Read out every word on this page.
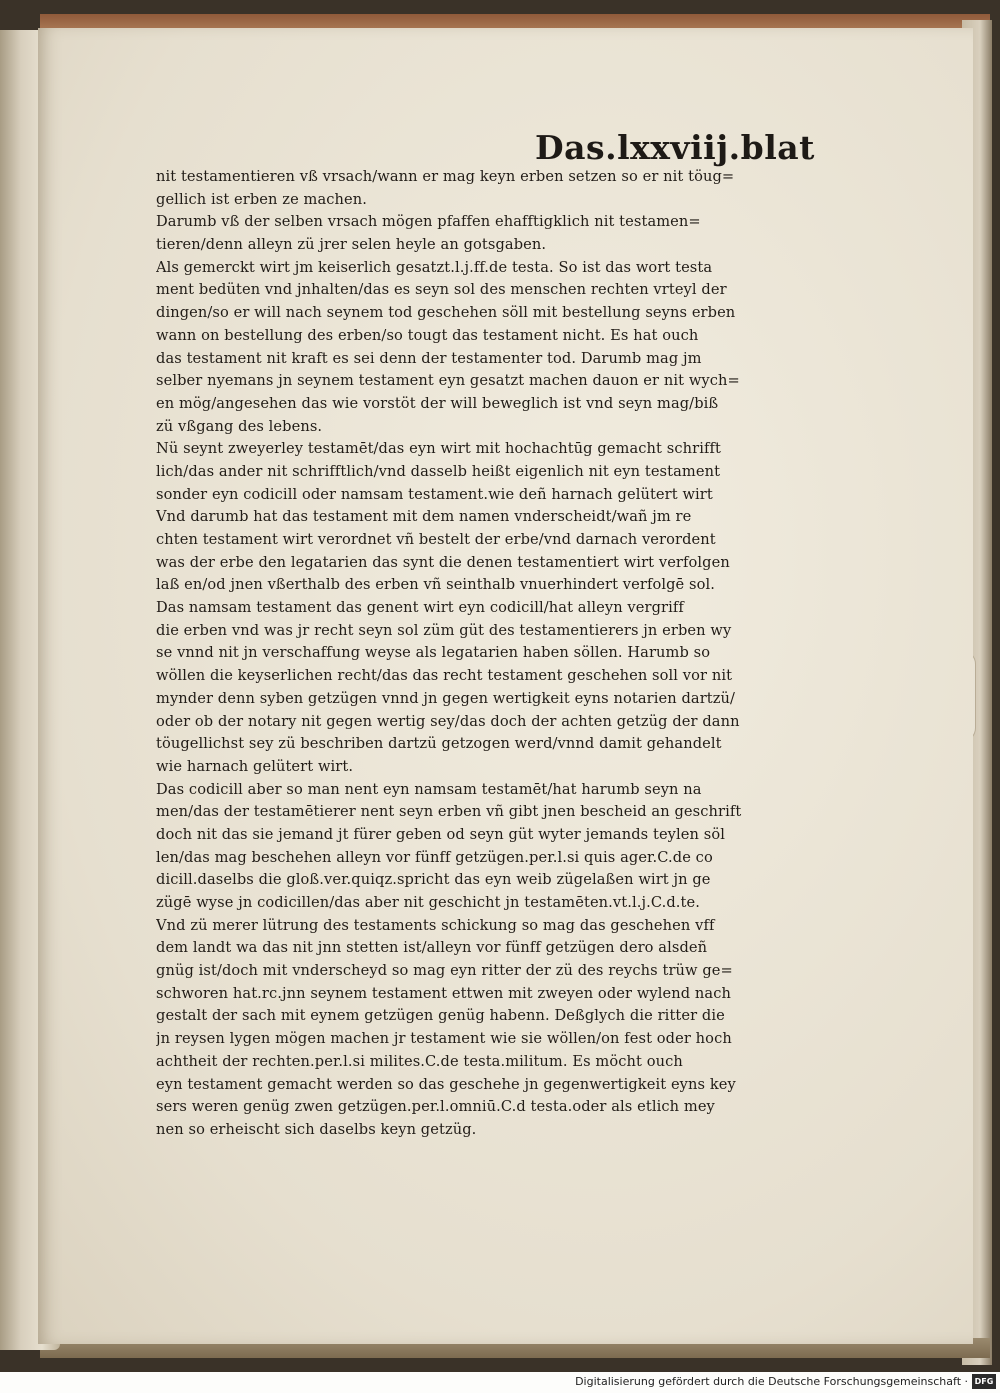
Das.lxxviij.blat
nit testamentieren vß vrsach/wann er mag keyn erben setzen so er nit töug=
gellich ist erben ze machen.
Darumb vß der selben vrsach mögen pfaffen ehafftigklich nit testamen=
tieren/denn alleyn zü jrer selen heyle an gotsgaben.
Als gemerckt wirt jm keiserlich gesatzt.l.j.ff.de testa. So ist das wort testa
ment bedüten vnd jnhalten/das es seyn sol des menschen rechten vrteyl der
dingen/so er will nach seynem tod geschehen söll mit bestellung seyns erben
wann on bestellung des erben/so tougt das testament nicht. Es hat ouch
das testament nit kraft es sei denn der testamenter tod. Darumb mag jm
selber nyemans jn seynem testament eyn gesatzt machen dauon er nit wych=
en mög/angesehen das wie vorstöt der will beweglich ist vnd seyn mag/biß
zü vßgang des lebens.
Nü seynt zweyerley testamēt/das eyn wirt mit hochachtūg gemacht schrifft
lich/das ander nit schrifftlich/vnd dasselb heißt eigenlich nit eyn testament
sonder eyn codicill oder namsam testament.wie deñ harnach gelütert wirt
Vnd darumb hat das testament mit dem namen vnderscheidt/wañ jm re
chten testament wirt verordnet vñ bestelt der erbe/vnd darnach verordent
was der erbe den legatarien das synt die denen testamentiert wirt verfolgen
laß en/od jnen vßerthalb des erben vñ seinthalb vnuerhindert verfolgē sol.
Das namsam testament das genent wirt eyn codicill/hat alleyn vergriff
die erben vnd was jr recht seyn sol züm güt des testamentierers jn erben wy
se vnnd nit jn verschaffung weyse als legatarien haben söllen. Harumb so
wöllen die keyserlichen recht/das das recht testament geschehen soll vor nit
mynder denn syben getzügen vnnd jn gegen wertigkeit eyns notarien dartzü/
oder ob der notary nit gegen wertig sey/das doch der achten getzüg der dann
töugellichst sey zü beschriben dartzü getzogen werd/vnnd damit gehandelt
wie harnach gelütert wirt.
Das codicill aber so man nent eyn namsam testamēt/hat harumb seyn na
men/das der testamētierer nent seyn erben vñ gibt jnen bescheid an geschrift
doch nit das sie jemand jt fürer geben od seyn güt wyter jemands teylen söl
len/das mag beschehen alleyn vor fünff getzügen.per.l.si quis ager.C.de co
dicill.daselbs die gloß.ver.quiqz.spricht das eyn weib zügelaßen wirt jn ge
zügē wyse jn codicillen/das aber nit geschicht jn testamēten.vt.l.j.C.d.te.
Vnd zü merer lütrung des testaments schickung so mag das geschehen vff
dem landt wa das nit jnn stetten ist/alleyn vor fünff getzügen dero alsdeñ
gnüg ist/doch mit vnderscheyd so mag eyn ritter der zü des reychs trüw ge=
schworen hat.rc.jnn seynem testament ettwen mit zweyen oder wylend nach
gestalt der sach mit eynem getzügen genüg habenn. Deßglych die ritter die
jn reysen lygen mögen machen jr testament wie sie wöllen/on fest oder hoch
achtheit der rechten.per.l.si milites.C.de testa.militum. Es möcht ouch
eyn testament gemacht werden so das geschehe jn gegenwertigkeit eyns key
sers weren genüg zwen getzügen.per.l.omniū.C.d testa.oder als etlich mey
nen so erheischt sich daselbs keyn getzüg.
Digitalisierung gefördert durch die Deutsche Forschungsgemeinschaft · DFG
